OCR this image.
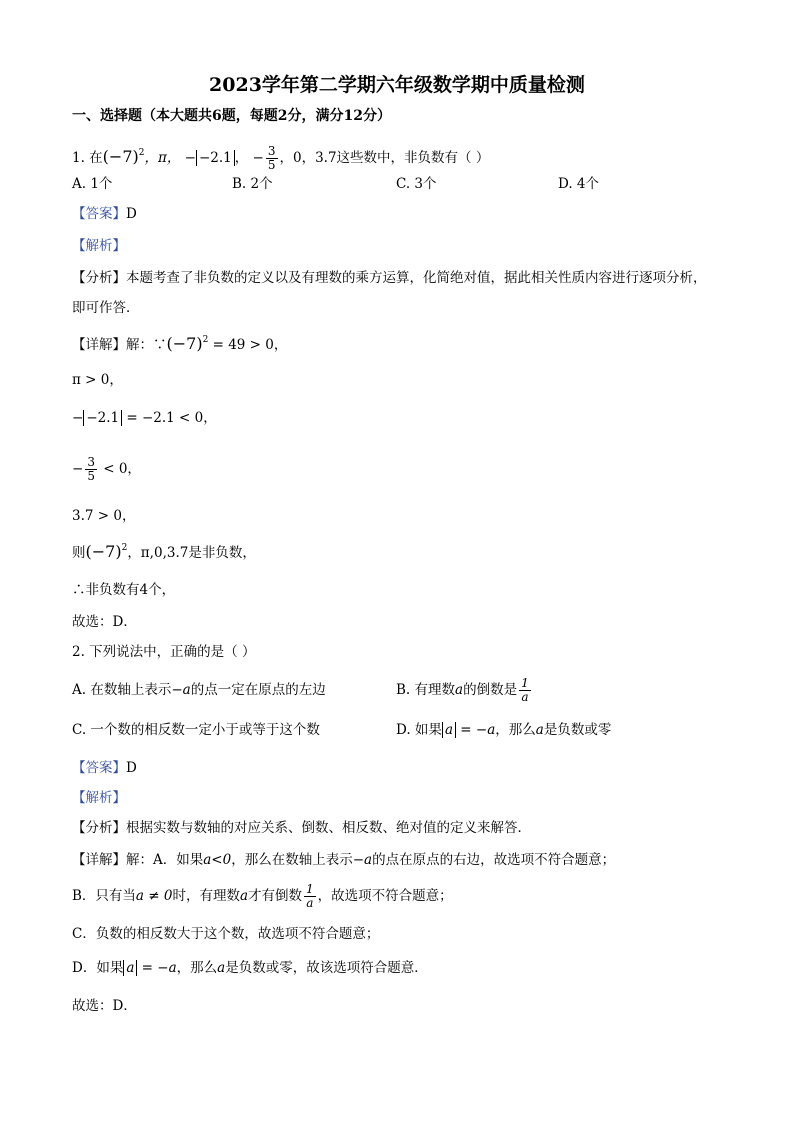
2023学年第二学期六年级数学期中质量检测
一、选择题（本大题共6题，每题2分，满分12分）
1. 在$(-7)^2$，π， − −2.1 ， − $\frac{3}{5}$ ，0，3.7这些数中，非负数有（ ）
A. 1个	B. 2个	C. 3个	D. 4个
【答案】D
【解析】
【分析】本题考查了非负数的定义以及有理数的乘方运算，化简绝对值，据此相关性质内容进行逐项分析，
即可作答．
【详解】解：$\because(-7)^2 = 49 > 0$，
π > 0，
− −2.1 = −2.1 < 0，
− $\frac{3}{5} < 0$，
3.7 > 0，
则$(-7)^2$，π,0,3.7是非负数，
∴非负数有4个，
故选：D．
2. 下列说法中，正确的是（ ）
A. 在数轴上表示−a的点一定在原点的左边	B. 有理数a的倒数是 $\frac{1}{a}$
C. 一个数的相反数一定小于或等于这个数	D. 如果 a = −a，那么a是负数或零
【答案】D
【解析】
【分析】根据实数与数轴的对应关系、倒数、相反数、绝对值的定义来解答．
【详解】解：A．如果a<0，那么在数轴上表示−a的点在原点的右边，故选项不符合题意；
B．只有当a ≠ 0时，有理数a才有倒数 $\frac{1}{a}$ ，故选项不符合题意；
C．负数的相反数大于这个数，故选项不符合题意；
D．如果 a = −a，那么a是负数或零，故该选项符合题意．
故选：D．
